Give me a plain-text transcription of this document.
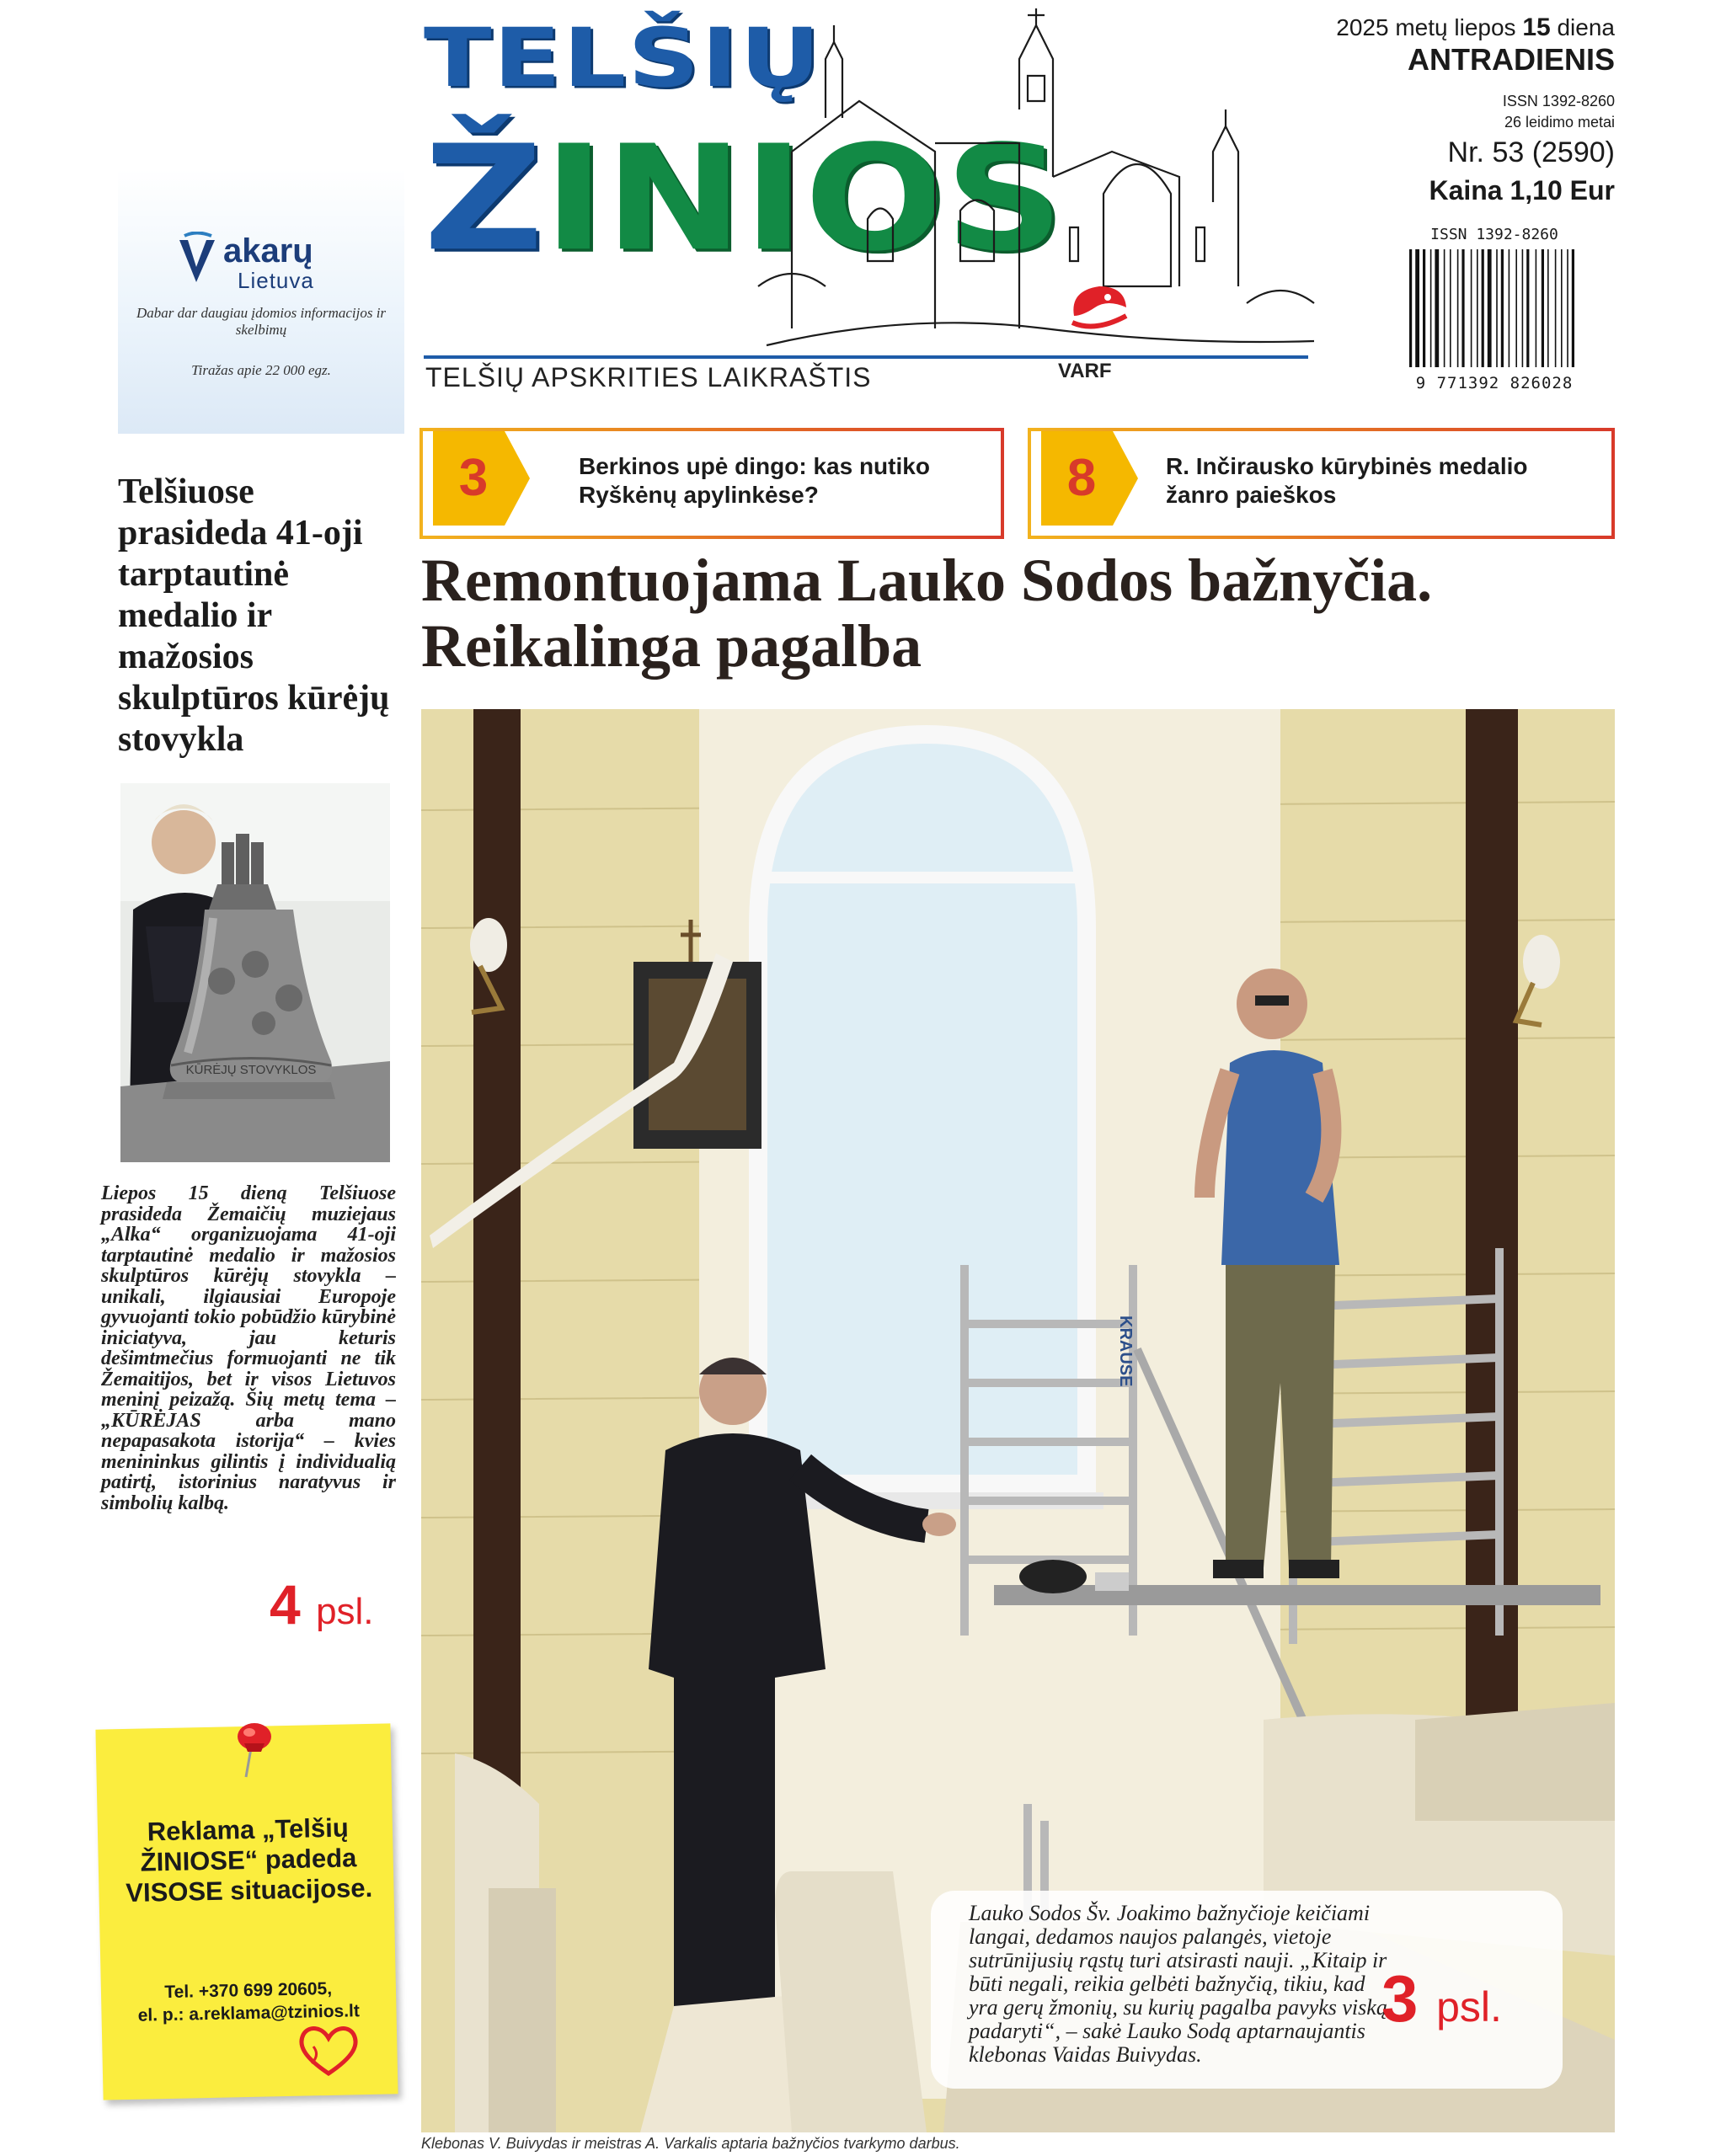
TELŠIŲ
ŽINIOS
VARF
TELŠIŲ APSKRITIES LAIKRAŠTIS
2025 metų liepos 15 diena
ANTRADIENIS
ISSN 1392-8260
26 leidimo metai
Nr. 53 (2590)
Kaina 1,10 Eur
ISSN 1392-8260
9 771392 826028
akarų
Lietuva
Dabar dar daugiau įdomios informacijos ir skelbimų
Tiražas apie 22 000 egz.
Telšiuose prasideda 41-oji tarptautinė medalio ir mažosios skulptūros kūrėjų stovykla
KŪRĖJŲ STOVYKLOS
Liepos 15 dieną Telšiuose prasideda Žemaičių muziejaus „Alka“ organizuojama 41-oji tarptautinė medalio ir mažosios skulptūros kūrėjų stovykla – unikali, ilgiausiai Europoje gyvuojanti tokio pobūdžio kūrybinė iniciatyva, jau keturis dešimtmečius formuojanti ne tik Žemaitijos, bet ir visos Lietuvos meninį peizažą. Šių metų tema – „KŪRĖJAS arba mano nepapasakota istorija“ – kvies menininkus gilintis į individualią patirtį, istorinius naratyvus ir simbolių kalbą.
4 psl.
Reklama „Telšių ŽINIOSE“ padeda VISOSE situacijose.
Tel. +370 699 20605,
el. p.: a.reklama@tzinios.lt
3	Berkinos upė dingo: kas nutiko Ryškėnų apylinkėse?	8	R. Inčirausko kūrybinės medalio žanro paieškos
Remontuojama Lauko Sodos bažnyčia. Reikalinga pagalba
KRAUSE
Lauko Sodos Šv. Joakimo bažnyčioje keičiami langai, dedamos naujos palangės, vietoje sutrūnijusių rąstų turi atsirasti nauji. „Kitaip ir būti negali, reikia gelbėti bažnyčią, tikiu, kad yra gerų žmonių, su kurių pagalba pavyks viską padaryti“, – sakė Lauko Sodą aptarnaujantis klebonas Vaidas Buivydas.
3 psl.
Klebonas V. Buivydas ir meistras A. Varkalis aptaria bažnyčios tvarkymo darbus.
